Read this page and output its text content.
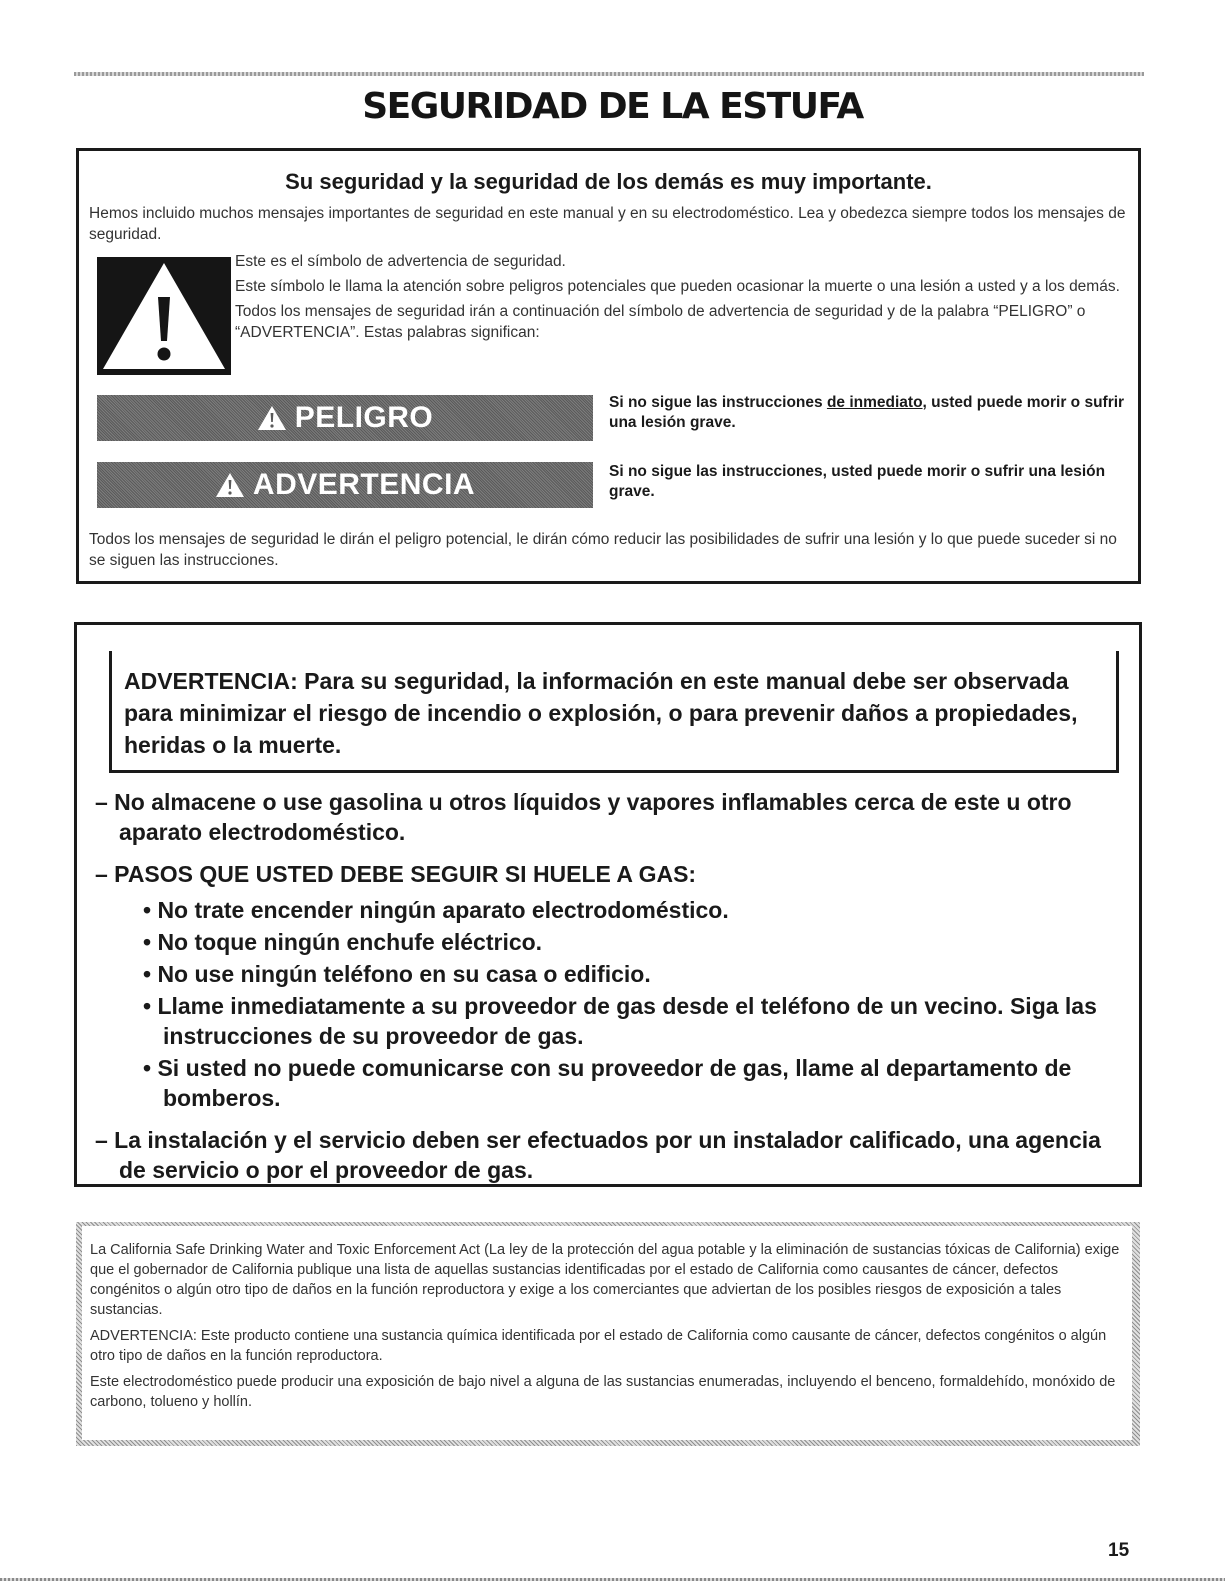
SEGURIDAD DE LA ESTUFA
Su seguridad y la seguridad de los demás es muy importante.

Hemos incluido muchos mensajes importantes de seguridad en este manual y en su electrodoméstico. Lea y obedezca siempre todos los mensajes de seguridad.

Este es el símbolo de advertencia de seguridad.

Este símbolo le llama la atención sobre peligros potenciales que pueden ocasionar la muerte o una lesión a usted y a los demás.

Todos los mensajes de seguridad irán a continuación del símbolo de advertencia de seguridad y de la palabra “PELIGRO” o “ADVERTENCIA”. Estas palabras significan:

PELIGRO	Si no sigue las instrucciones de inmediato, usted puede morir o sufrir una lesión grave.

ADVERTENCIA	Si no sigue las instrucciones, usted puede morir o sufrir una lesión grave.

Todos los mensajes de seguridad le dirán el peligro potencial, le dirán cómo reducir las posibilidades de sufrir una lesión y lo que puede suceder si no se siguen las instrucciones.

ADVERTENCIA: Para su seguridad, la información en este manual debe ser observada para minimizar el riesgo de incendio o explosión, o para prevenir daños a propiedades, heridas o la muerte.

– No almacene o use gasolina u otros líquidos y vapores inflamables cerca de este u otro aparato electrodoméstico.
– PASOS QUE USTED DEBE SEGUIR SI HUELE A GAS:
• No trate encender ningún aparato electrodoméstico.
• No toque ningún enchufe eléctrico.
• No use ningún teléfono en su casa o edificio.
• Llame inmediatamente a su proveedor de gas desde el teléfono de un vecino. Siga las instrucciones de su proveedor de gas.
• Si usted no puede comunicarse con su proveedor de gas, llame al departamento de bomberos.
– La instalación y el servicio deben ser efectuados por un instalador calificado, una agencia de servicio o por el proveedor de gas.

La California Safe Drinking Water and Toxic Enforcement Act (La ley de la protección del agua potable y la eliminación de sustancias tóxicas de California) exige que el gobernador de California publique una lista de aquellas sustancias identificadas por el estado de California como causantes de cáncer, defectos congénitos o algún otro tipo de daños en la función reproductora y exige a los comerciantes que adviertan de los posibles riesgos de exposición a tales sustancias.

ADVERTENCIA: Este producto contiene una sustancia química identificada por el estado de California como causante de cáncer, defectos congénitos o algún otro tipo de daños en la función reproductora.

Este electrodoméstico puede producir una exposición de bajo nivel a alguna de las sustancias enumeradas, incluyendo el benceno, formaldehído, monóxido de carbono, tolueno y hollín.

15
